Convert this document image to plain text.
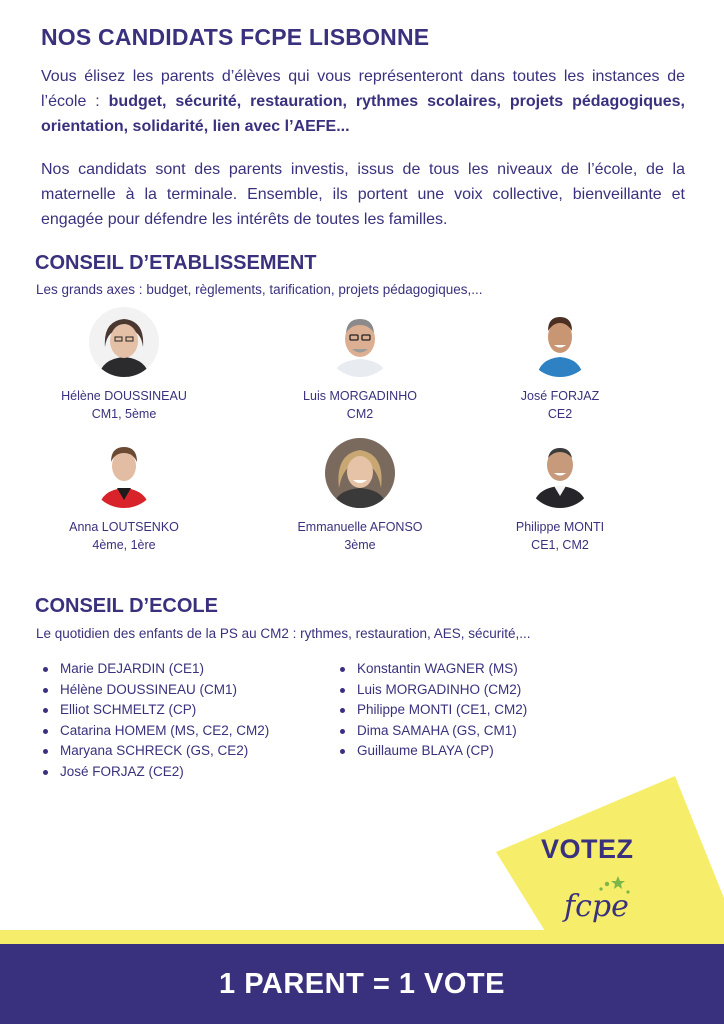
NOS CANDIDATS FCPE LISBONNE

Vous élisez les parents d’élèves qui vous représenteront dans toutes les instances de l’école : budget, sécurité, restauration, rythmes scolaires, projets pédagogiques, orientation, solidarité, lien avec l’AEFE...

Nos candidats sont des parents investis, issus de tous les niveaux de l’école, de la maternelle à la terminale. Ensemble, ils portent une voix collective, bienveillante et engagée pour défendre les intérêts de toutes les familles.

CONSEIL D’ETABLISSEMENT

Les grands axes : budget, règlements, tarification, projets pédagogiques,...

Hélène DOUSSINEAU
CM1, 5ème
Luis MORGADINHO
CM2
José FORJAZ
CE2
Anna LOUTSENKO
4ème, 1ère
Emmanuelle AFONSO
3ème
Philippe MONTI
CE1, CM2
CONSEIL D’ECOLE

Le quotidien des enfants de la PS au CM2 : rythmes, restauration, AES, sécurité,...

Marie DEJARDIN (CE1)
Hélène DOUSSINEAU (CM1)
Elliot SCHMELTZ (CP)
Catarina HOMEM (MS, CE2, CM2)
Maryana SCHRECK (GS, CE2)
José FORJAZ (CE2)
Konstantin WAGNER (MS)
Luis MORGADINHO (CM2)
Philippe MONTI (CE1, CM2)
Dima SAMAHA (GS, CM1)
Guillaume BLAYA (CP)
VOTEZ
fcpe
1 PARENT = 1 VOTE
